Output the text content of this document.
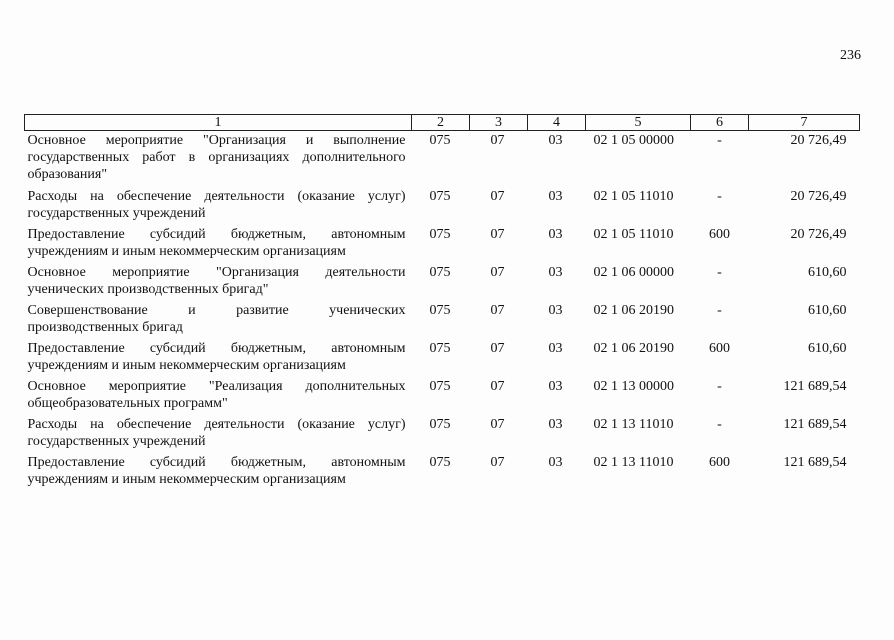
236
1	2	3	4	5	6	7
Основное мероприятие "Организация и выполнение государственных работ в организациях дополнительного образования"	075	07	03	02 1 05 00000	-	20 726,49
Расходы на обеспечение деятельности (оказание услуг) государственных учреждений	075	07	03	02 1 05 11010	-	20 726,49
Предоставление субсидий бюджетным, автономным учреждениям и иным некоммерческим организациям	075	07	03	02 1 05 11010	600	20 726,49
Основное мероприятие "Организация деятельности ученических производственных бригад"	075	07	03	02 1 06 00000	-	610,60
Совершенствование и развитие ученических производственных бригад	075	07	03	02 1 06 20190	-	610,60
Предоставление субсидий бюджетным, автономным учреждениям и иным некоммерческим организациям	075	07	03	02 1 06 20190	600	610,60
Основное мероприятие "Реализация дополнительных общеобразовательных программ"	075	07	03	02 1 13 00000	-	121 689,54
Расходы на обеспечение деятельности (оказание услуг) государственных учреждений	075	07	03	02 1 13 11010	-	121 689,54
Предоставление субсидий бюджетным, автономным учреждениям и иным некоммерческим организациям	075	07	03	02 1 13 11010	600	121 689,54
